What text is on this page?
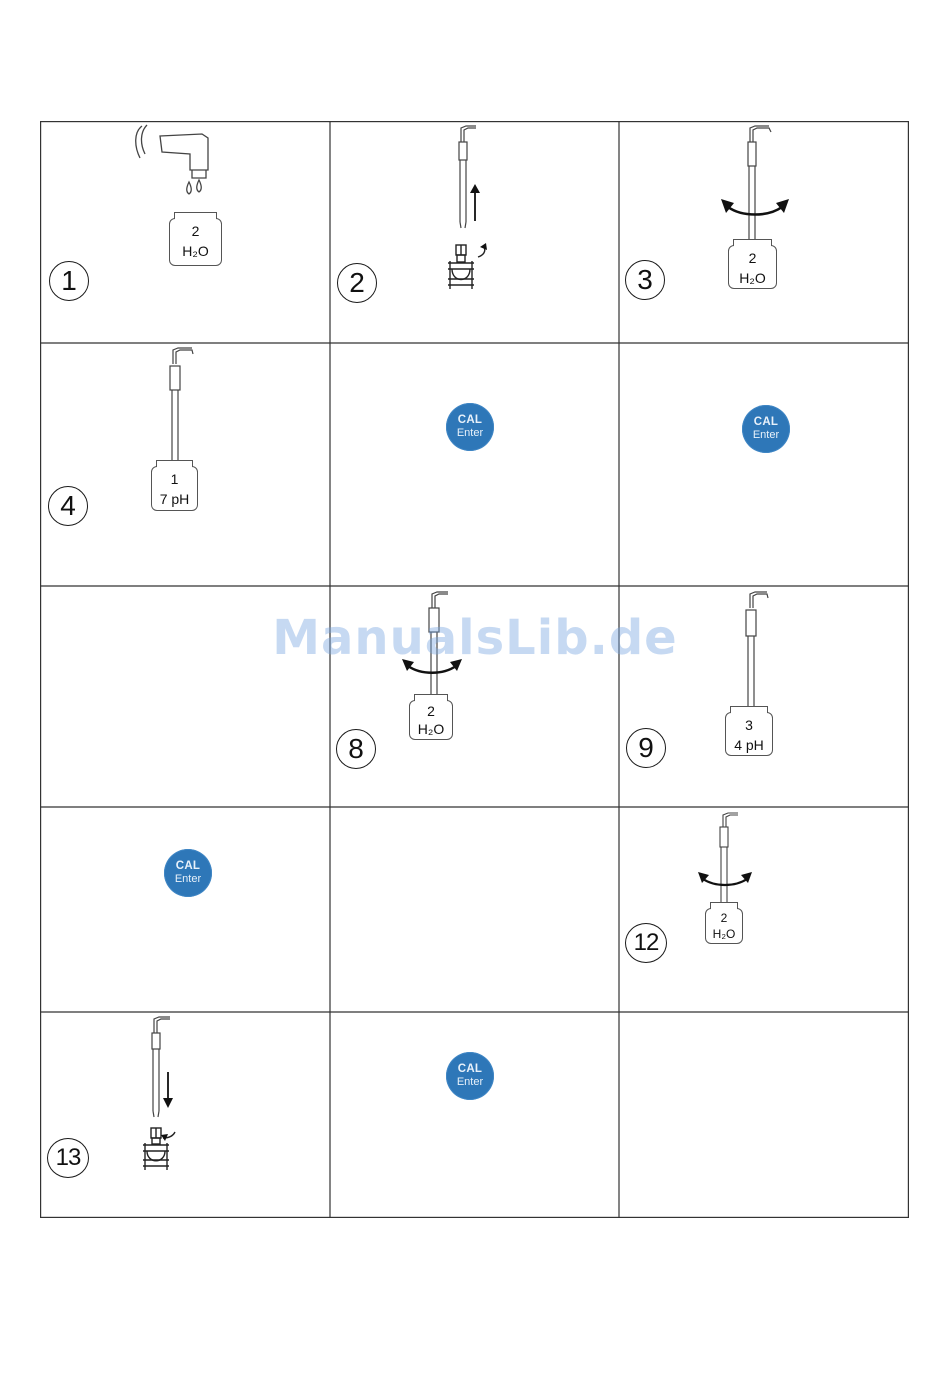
2
H₂O
1	2
2
H₂O
3
1
7 pH
4
CAL
Enter
CAL
Enter
2
H₂O
8
3
4 pH
9
CAL
Enter
2
H₂O
12
13
CAL
Enter
ManualsLib.de
